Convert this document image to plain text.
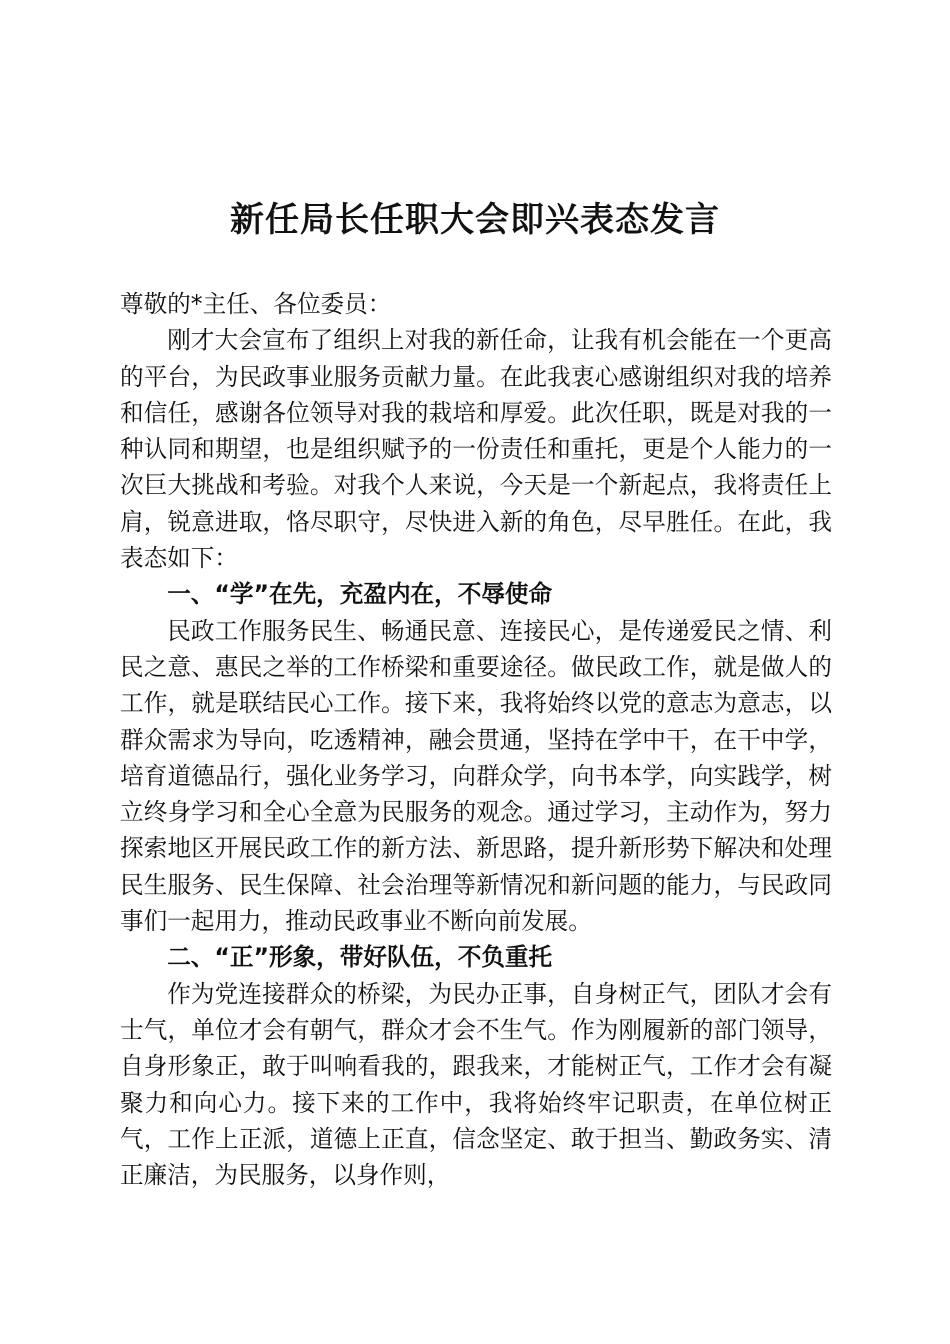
新任局长任职大会即兴表态发言

尊敬的*主任、各位委员：

刚才大会宣布了组织上对我的新任命，让我有机会能在一个更高的平台，为民政事业服务贡献力量。在此我衷心感谢组织对我的培养和信任，感谢各位领导对我的栽培和厚爱。此次任职，既是对我的一种认同和期望，也是组织赋予的一份责任和重托，更是个人能力的一次巨大挑战和考验。对我个人来说，今天是一个新起点，我将责任上肩，锐意进取，恪尽职守，尽快进入新的角色，尽早胜任。在此，我表态如下：

一、“学”在先，充盈内在，不辱使命

民政工作服务民生、畅通民意、连接民心，是传递爱民之情、利民之意、惠民之举的工作桥梁和重要途径。做民政工作，就是做人的工作，就是联结民心工作。接下来，我将始终以党的意志为意志，以群众需求为导向，吃透精神，融会贯通，坚持在学中干，在干中学，培育道德品行，强化业务学习，向群众学，向书本学，向实践学，树立终身学习和全心全意为民服务的观念。通过学习，主动作为，努力探索地区开展民政工作的新方法、新思路，提升新形势下解决和处理民生服务、民生保障、社会治理等新情况和新问题的能力，与民政同事们一起用力，推动民政事业不断向前发展。

二、“正”形象，带好队伍，不负重托

作为党连接群众的桥梁，为民办正事，自身树正气，团队才会有士气，单位才会有朝气，群众才会不生气。作为刚履新的部门领导，自身形象正，敢于叫响看我的，跟我来，才能树正气，工作才会有凝聚力和向心力。接下来的工作中，我将始终牢记职责，在单位树正气，工作上正派，道德上正直，信念坚定、敢于担当、勤政务实、清正廉洁，为民服务，以身作则，
